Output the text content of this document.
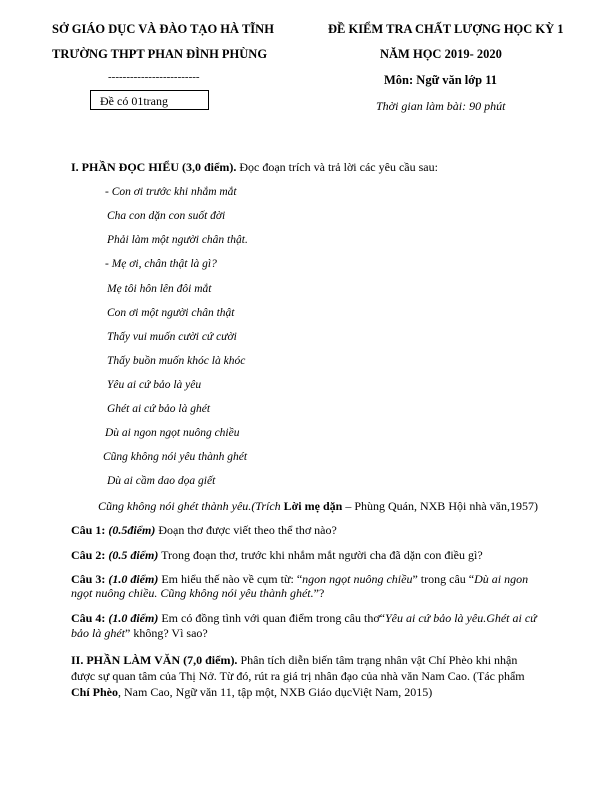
SỞ GIÁO DỤC VÀ ĐÀO TẠO HÀ TĨNH
TRƯỜNG THPT PHAN ĐÌNH PHÙNG
-------------------------
Đề có 01trang
ĐỀ KIỂM TRA CHẤT LƯỢNG HỌC KỲ 1
NĂM HỌC 2019- 2020
Môn: Ngữ văn lớp 11
Thời gian làm bài: 90 phút
I. PHẦN ĐỌC HIỂU (3,0 điểm). Đọc đoạn trích và trả lời các yêu cầu sau:
- Con ơi trước khi nhắm mắt
Cha con dặn con suốt đời
Phải làm một người chân thật.
- Mẹ ơi, chân thật là gì?
Mẹ tôi hôn lên đôi mắt
Con ơi một người chân thật
Thấy vui muốn cười cứ cười
Thấy buồn muốn khóc là khóc
Yêu ai cứ bảo là yêu
Ghét ai cứ bảo là ghét
Dù ai ngon ngọt nuông chiều
Cũng không nói yêu thành ghét
Dù ai cầm dao dọa giết
Cũng không nói ghét thành yêu.(Trích Lời mẹ dặn – Phùng Quán, NXB Hội nhà văn,1957)
Câu 1: (0.5điểm) Đoạn thơ được viết theo thể thơ nào?
Câu 2: (0.5 điểm) Trong đoạn thơ, trước khi nhắm mắt người cha đã dặn con điều gì?
Câu 3: (1.0 điểm) Em hiểu thế nào về cụm từ: “ngon ngọt nuông chiều” trong câu “Dù ai ngon
ngọt nuông chiều. Cũng không nói yêu thành ghét.”?
Câu 4: (1.0 điểm) Em có đồng tình với quan điểm trong câu thơ“Yêu ai cứ bảo là yêu.Ghét ai cứ
bảo là ghét” không? Vì sao?
II. PHẦN LÀM VĂN (7,0 điểm). Phân tích diễn biến tâm trạng nhân vật Chí Phèo khi nhận
được sự quan tâm của Thị Nở. Từ đó, rút ra giá trị nhân đạo của nhà văn Nam Cao. (Tác phẩm
Chí Phèo, Nam Cao, Ngữ văn 11, tập một, NXB Giáo dụcViệt Nam, 2015)
